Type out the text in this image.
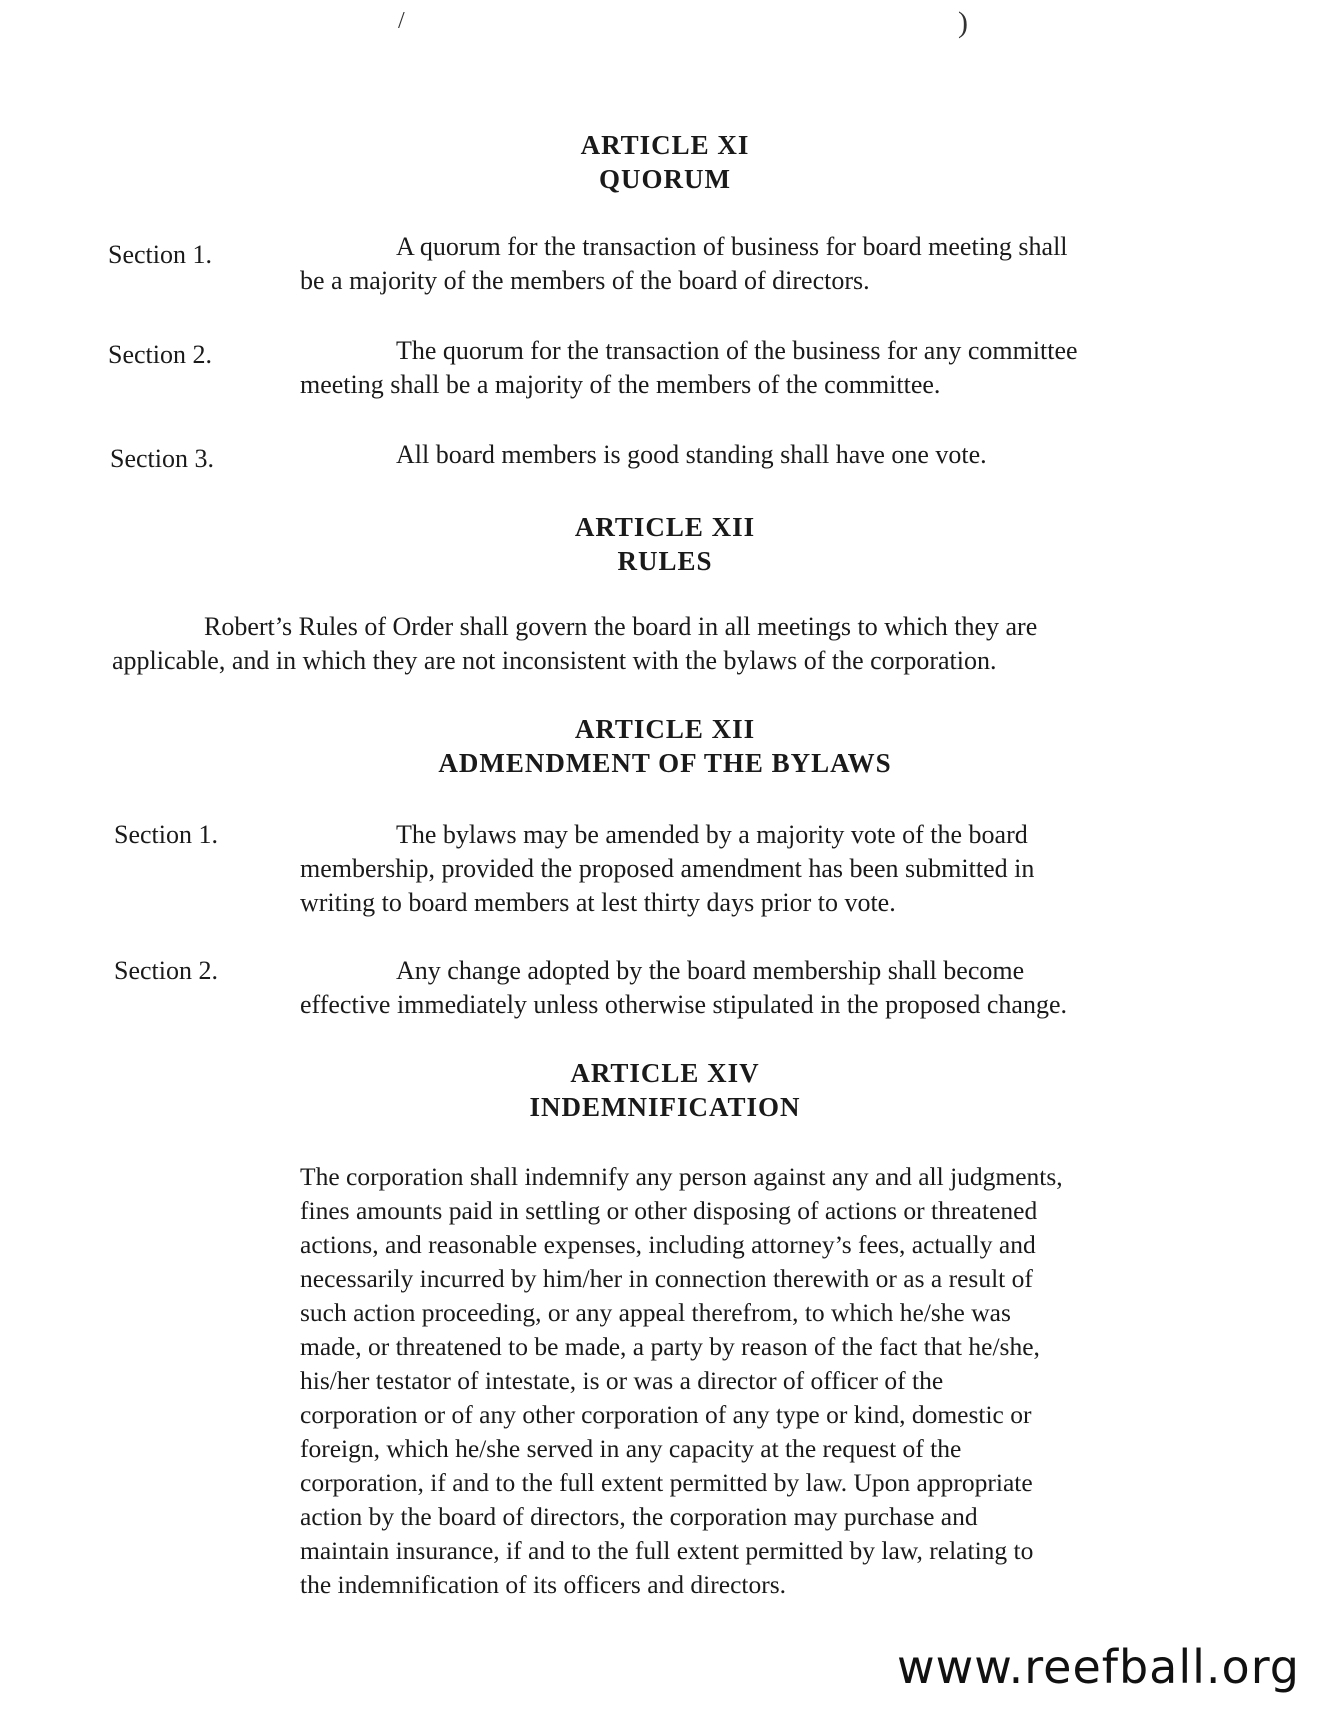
/	)
ARTICLE XI
QUORUM
Section 1.	A quorum for the transaction of business for board meeting shall
be a majority of the members of the board of directors.
Section 2.	The quorum for the transaction of the business for any committee
meeting shall be a majority of the members of the committee.
Section 3.	All board members is good standing shall have one vote.
ARTICLE XII
RULES
Robert’s Rules of Order shall govern the board in all meetings to which they are
applicable, and in which they are not inconsistent with the bylaws of the corporation.
ARTICLE XII
ADMENDMENT OF THE BYLAWS
Section 1.	The bylaws may be amended by a majority vote of the board
membership, provided the proposed amendment has been submitted in
writing to board members at lest thirty days prior to vote.
Section 2.	Any change adopted by the board membership shall become
effective immediately unless otherwise stipulated in the proposed change.
ARTICLE XIV
INDEMNIFICATION
The corporation shall indemnify any person against any and all judgments,
fines amounts paid in settling or other disposing of actions or threatened
actions, and reasonable expenses, including attorney’s fees, actually and
necessarily incurred by him/her in connection therewith or as a result of
such action proceeding, or any appeal therefrom, to which he/she was
made, or threatened to be made, a party by reason of the fact that he/she,
his/her testator of intestate, is or was a director of officer of the
corporation or of any other corporation of any type or kind, domestic or
foreign, which he/she served in any capacity at the request of the
corporation, if and to the full extent permitted by law. Upon appropriate
action by the board of directors, the corporation may purchase and
maintain insurance, if and to the full extent permitted by law, relating to
the indemnification of its officers and directors.
www.reefball.org
